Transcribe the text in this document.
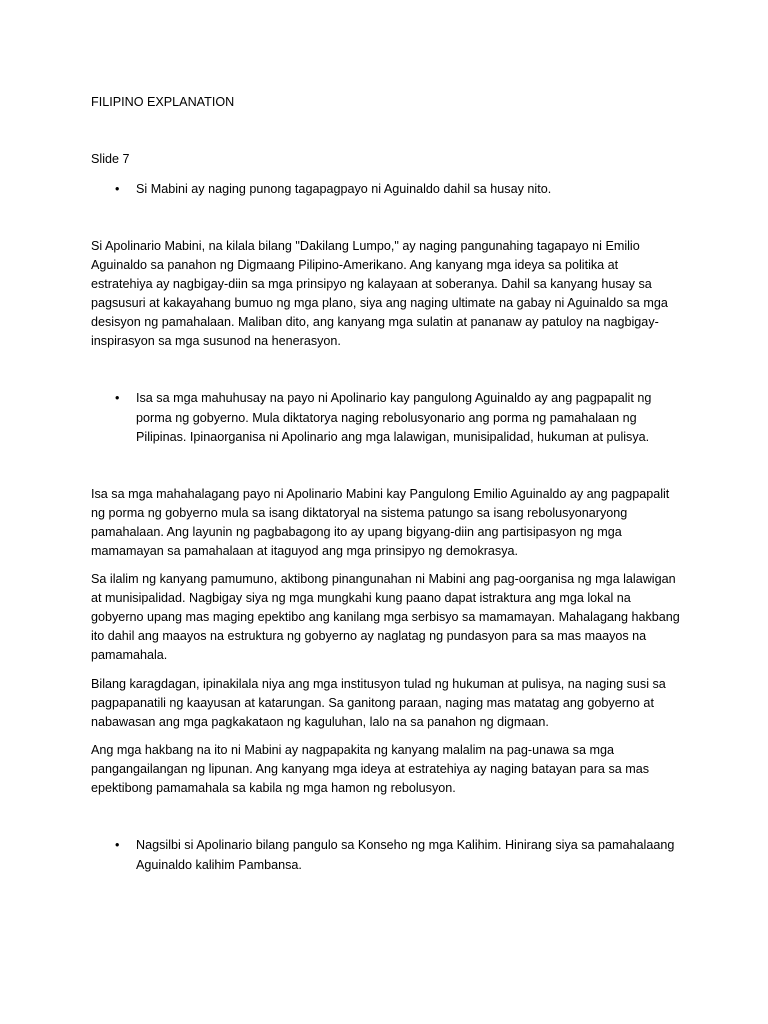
FILIPINO EXPLANATION

Slide 7

•	Si Mabini ay naging punong tagapagpayo ni Aguinaldo dahil sa husay nito.

Si Apolinario Mabini, na kilala bilang "Dakilang Lumpo," ay naging pangunahing tagapayo ni Emilio Aguinaldo sa panahon ng Digmaang Pilipino-Amerikano. Ang kanyang mga ideya sa politika at estratehiya ay nagbigay-diin sa mga prinsipyo ng kalayaan at soberanya. Dahil sa kanyang husay sa pagsusuri at kakayahang bumuo ng mga plano, siya ang naging ultimate na gabay ni Aguinaldo sa mga desisyon ng pamahalaan. Maliban dito, ang kanyang mga sulatin at pananaw ay patuloy na nagbigay-inspirasyon sa mga susunod na henerasyon.

•	Isa sa mga mahuhusay na payo ni Apolinario kay pangulong Aguinaldo ay ang pagpapalit ng porma ng gobyerno. Mula diktatorya naging rebolusyonario ang porma ng pamahalaan ng Pilipinas. Ipinaorganisa ni Apolinario ang mga lalawigan, munisipalidad, hukuman at pulisya.

Isa sa mga mahahalagang payo ni Apolinario Mabini kay Pangulong Emilio Aguinaldo ay ang pagpapalit ng porma ng gobyerno mula sa isang diktatoryal na sistema patungo sa isang rebolusyonaryong pamahalaan. Ang layunin ng pagbabagong ito ay upang bigyang-diin ang partisipasyon ng mga mamamayan sa pamahalaan at itaguyod ang mga prinsipyo ng demokrasya.

Sa ilalim ng kanyang pamumuno, aktibong pinangunahan ni Mabini ang pag-oorganisa ng mga lalawigan at munisipalidad. Nagbigay siya ng mga mungkahi kung paano dapat istraktura ang mga lokal na gobyerno upang mas maging epektibo ang kanilang mga serbisyo sa mamamayan. Mahalagang hakbang ito dahil ang maayos na estruktura ng gobyerno ay naglatag ng pundasyon para sa mas maayos na pamamahala.

Bilang karagdagan, ipinakilala niya ang mga institusyon tulad ng hukuman at pulisya, na naging susi sa pagpapanatili ng kaayusan at katarungan. Sa ganitong paraan, naging mas matatag ang gobyerno at nabawasan ang mga pagkakataon ng kaguluhan, lalo na sa panahon ng digmaan.

Ang mga hakbang na ito ni Mabini ay nagpapakita ng kanyang malalim na pag-unawa sa mga pangangailangan ng lipunan. Ang kanyang mga ideya at estratehiya ay naging batayan para sa mas epektibong pamamahala sa kabila ng mga hamon ng rebolusyon.

•	Nagsilbi si Apolinario bilang pangulo sa Konseho ng mga Kalihim. Hinirang siya sa pamahalaang Aguinaldo kalihim Pambansa.
